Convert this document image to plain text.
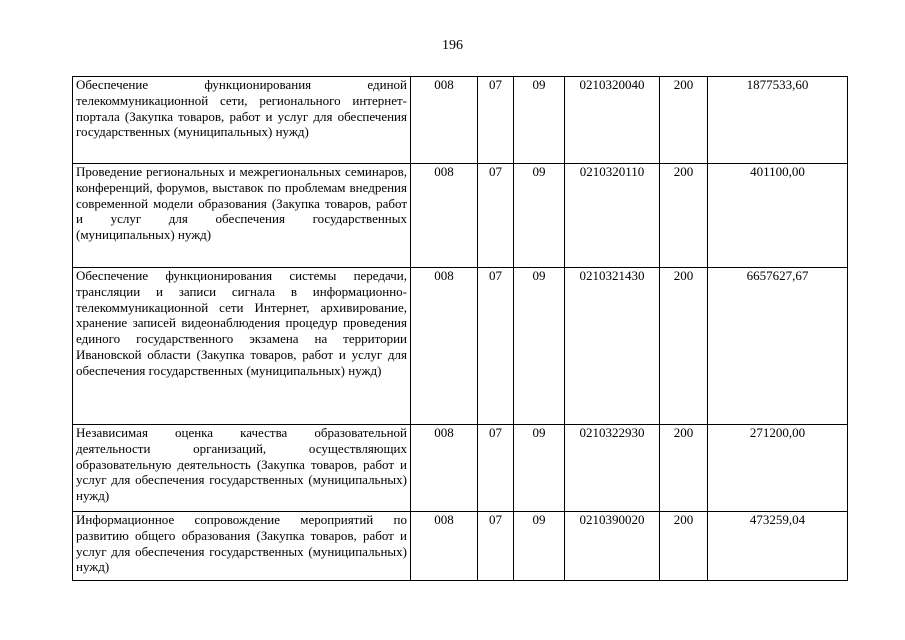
196
Обеспечение функционирования единой телекоммуникационной сети, регионального интернет-портала (Закупка товаров, работ и услуг для обеспечения государственных (муниципальных) нужд)	008	07	09	0210320040	200	1877533,60
Проведение региональных и межрегиональных семинаров, конференций, форумов, выставок по проблемам внедрения современной модели образования (Закупка товаров, работ и услуг для обеспечения государственных (муниципальных) нужд)	008	07	09	0210320110	200	401100,00
Обеспечение функционирования системы передачи, трансляции и записи сигнала в информационно-телекоммуникационной сети Интернет, архивирование, хранение записей видеонаблюдения процедур проведения единого государственного экзамена на территории Ивановской области (Закупка товаров, работ и услуг для обеспечения государственных (муниципальных) нужд)	008	07	09	0210321430	200	6657627,67
Независимая оценка качества образовательной деятельности организаций, осуществляющих образовательную деятельность (Закупка товаров, работ и услуг для обеспечения государственных (муниципальных) нужд)	008	07	09	0210322930	200	271200,00
Информационное сопровождение мероприятий по развитию общего образования (Закупка товаров, работ и услуг для обеспечения государственных (муниципальных) нужд)	008	07	09	0210390020	200	473259,04
